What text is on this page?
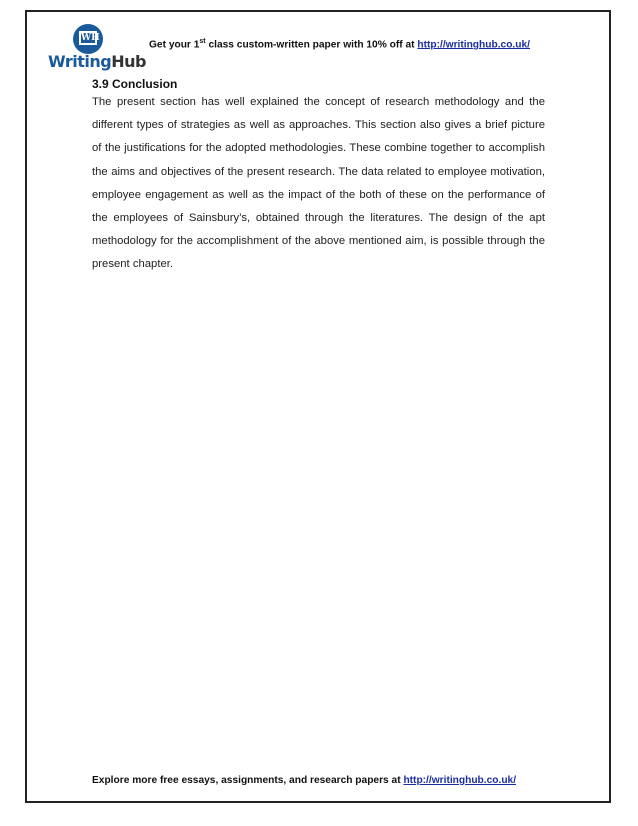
WH
WritingHub
Get your 1st class custom-written paper with 10% off at http://writinghub.co.uk/
3.9 Conclusion

The present section has well explained the concept of research methodology and the different types of strategies as well as approaches. This section also gives a brief picture of the justifications for the adopted methodologies. These combine together to accomplish the aims and objectives of the present research. The data related to employee motivation, employee engagement as well as the impact of the both of these on the performance of the employees of Sainsbury’s, obtained through the literatures. The design of the apt methodology for the accomplishment of the above mentioned aim, is possible through the present chapter.

Explore more free essays, assignments, and research papers at http://writinghub.co.uk/
